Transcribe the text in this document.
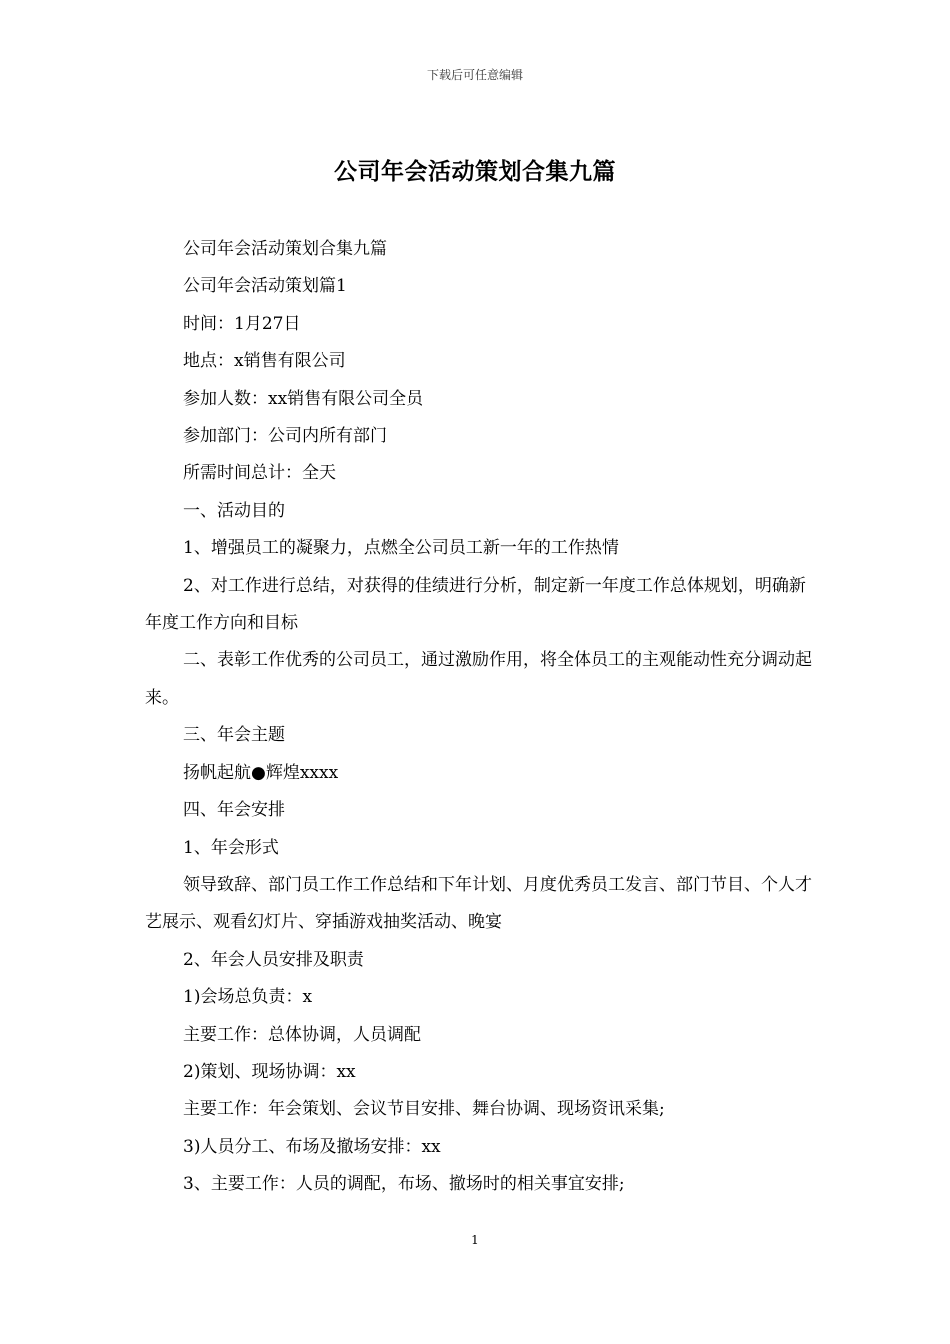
下载后可任意编辑
公司年会活动策划合集九篇

公司年会活动策划合集九篇

公司年会活动策划篇1

时间：1月27日

地点：x销售有限公司

参加人数：xx销售有限公司全员

参加部门：公司内所有部门

所需时间总计：全天

一、活动目的

1、增强员工的凝聚力，点燃全公司员工新一年的工作热情

2、对工作进行总结，对获得的佳绩进行分析，制定新一年度工作总体规划，明确新年度工作方向和目标

二、表彰工作优秀的公司员工，通过激励作用，将全体员工的主观能动性充分调动起来。

三、年会主题

扬帆起航●辉煌xxxx

四、年会安排

1、年会形式

领导致辞、部门员工作工作总结和下年计划、月度优秀员工发言、部门节目、个人才艺展示、观看幻灯片、穿插游戏抽奖活动、晚宴

2、年会人员安排及职责

1)会场总负责：x

主要工作：总体协调，人员调配

2)策划、现场协调：xx

主要工作：年会策划、会议节目安排、舞台协调、现场资讯采集;

3)人员分工、布场及撤场安排：xx

3、主要工作：人员的调配，布场、撤场时的相关事宜安排;

1
